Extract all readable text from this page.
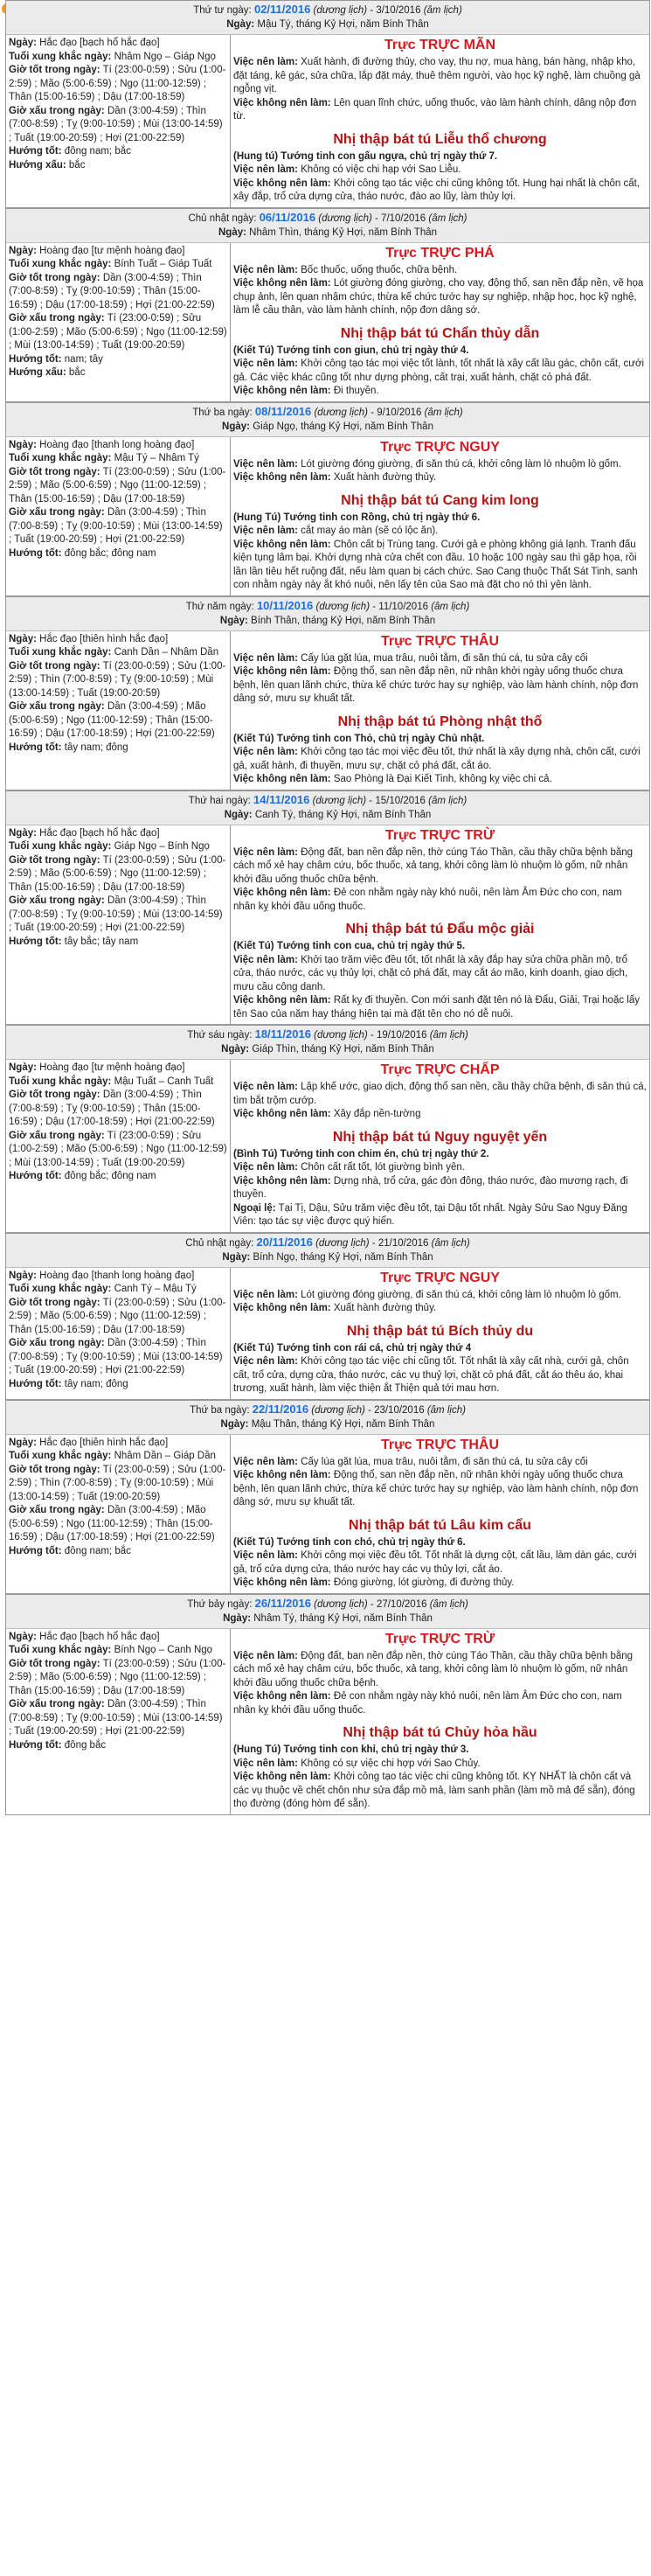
Thứ tư ngày: 02/11/2016 (dương lịch) - 3/10/2016 (âm lịch)
Ngày: Mậu Tý, tháng Kỷ Hợi, năm Bính Thân
Ngày: Hắc đạo [bạch hổ hắc đạo]
Tuổi xung khắc ngày: Nhâm Ngọ – Giáp Ngọ
Giờ tốt trong ngày: Tí (23:00-0:59) ; Sửu (1:00-2:59) ; Mão (5:00-6:59) ; Ngọ (11:00-12:59) ; Thân (15:00-16:59) ; Dậu (17:00-18:59)
Giờ xấu trong ngày: Dần (3:00-4:59) ; Thìn (7:00-8:59) ; Tỵ (9:00-10:59) ; Mùi (13:00-14:59) ; Tuất (19:00-20:59) ; Hợi (21:00-22:59)
Hướng tốt: đông nam; bắc
Hướng xấu: bắc
Trực TRỰC MÃN
Việc nên làm: Xuất hành, đi đường thủy, cho vay, thu nợ, mua hàng, bán hàng, nhập kho, đặt táng, kê gác, sửa chữa, lắp đặt máy, thuê thêm người, vào học kỹ nghệ, làm chuồng gà ngỗng vịt.
Việc không nên làm: Lên quan lĩnh chức, uống thuốc, vào làm hành chính, dâng nộp đơn từ.
Nhị thập bát tú Liễu thổ chương
(Hung tú) Tướng tinh con gấu ngựa, chủ trị ngày thứ 7.
Việc nên làm: Không có việc chi hạp với Sao Liễu.
Việc không nên làm: Khởi công tạo tác việc chi cũng không tốt. Hung hại nhất là chôn cất, xây đắp, trổ cửa dựng cửa, tháo nước, đào ao lũy, làm thủy lợi.
Chủ nhật ngày: 06/11/2016 (dương lịch) - 7/10/2016 (âm lịch)
Ngày: Nhâm Thìn, tháng Kỷ Hợi, năm Bính Thân
Ngày: Hoàng đạo [tư mệnh hoàng đạo]
Tuổi xung khắc ngày: Bính Tuất – Giáp Tuất
Giờ tốt trong ngày: Dần (3:00-4:59) ; Thìn (7:00-8:59) ; Tỵ (9:00-10:59) ; Thân (15:00-16:59) ; Dậu (17:00-18:59) ; Hợi (21:00-22:59)
Giờ xấu trong ngày: Tí (23:00-0:59) ; Sửu (1:00-2:59) ; Mão (5:00-6:59) ; Ngọ (11:00-12:59) ; Mùi (13:00-14:59) ; Tuất (19:00-20:59)
Hướng tốt: nam; tây
Hướng xấu: bắc
Trực TRỰC PHÁ
Việc nên làm: Bốc thuốc, uống thuốc, chữa bệnh.
Việc không nên làm: Lót giường đóng giường, cho vay, động thổ, san nền đắp nền, vẽ họa chụp ảnh, lên quan nhậm chức, thừa kế chức tước hay sự nghiệp, nhập học, học kỹ nghệ, làm lễ cầu thân, vào làm hành chính, nộp đơn dâng sớ.
Nhị thập bát tú Chẩn thủy dẫn
(Kiết Tú) Tướng tinh con giun, chủ trị ngày thứ 4.
Việc nên làm: Khởi công tạo tác mọi việc tốt lành, tốt nhất là xây cất lầu gác, chôn cất, cưới gả. Các việc khác cũng tốt như dựng phòng, cất trại, xuất hành, chặt cỏ phá đất.
Việc không nên làm: Đi thuyền.
Thứ ba ngày: 08/11/2016 (dương lịch) - 9/10/2016 (âm lịch)
Ngày: Giáp Ngọ, tháng Kỷ Hợi, năm Bính Thân
Ngày: Hoàng đạo [thanh long hoàng đạo]
Tuổi xung khắc ngày: Mậu Tý – Nhâm Tý
Giờ tốt trong ngày: Tí (23:00-0:59) ; Sửu (1:00-2:59) ; Mão (5:00-6:59) ; Ngọ (11:00-12:59) ; Thân (15:00-16:59) ; Dậu (17:00-18:59)
Giờ xấu trong ngày: Dần (3:00-4:59) ; Thìn (7:00-8:59) ; Tỵ (9:00-10:59) ; Mùi (13:00-14:59) ; Tuất (19:00-20:59) ; Hợi (21:00-22:59)
Hướng tốt: đông bắc; đông nam
Trực TRỰC NGUY
Việc nên làm: Lót giường đóng giường, đi săn thú cá, khởi công làm lò nhuộm lò gốm.
Việc không nên làm: Xuất hành đường thủy.
Nhị thập bát tú Cang kim long
(Hung Tú) Tướng tinh con Rồng, chủ trị ngày thứ 6.
Việc nên làm: cắt may áo màn (sẽ có lộc ăn).
Việc không nên làm: Chôn cất bị Trùng tang. Cưới gả e phòng không giá lạnh. Tranh đấu kiện tụng lâm bại. Khởi dựng nhà cửa chết con đầu. 10 hoặc 100 ngày sau thì gặp họa, rồi lần lần tiêu hết ruộng đất, nếu làm quan bị cách chức. Sao Cang thuộc Thất Sát Tinh, sanh con nhằm ngày này ắt khó nuôi, nên lấy tên của Sao mà đặt cho nó thì yên lành.
Thứ năm ngày: 10/11/2016 (dương lịch) - 11/10/2016 (âm lịch)
Ngày: Bính Thân, tháng Kỷ Hợi, năm Bính Thân
Ngày: Hắc đạo [thiên hình hắc đạo]
Tuổi xung khắc ngày: Canh Dần – Nhâm Dần
Giờ tốt trong ngày: Tí (23:00-0:59) ; Sửu (1:00-2:59) ; Thìn (7:00-8:59) ; Tỵ (9:00-10:59) ; Mùi (13:00-14:59) ; Tuất (19:00-20:59)
Giờ xấu trong ngày: Dần (3:00-4:59) ; Mão (5:00-6:59) ; Ngọ (11:00-12:59) ; Thân (15:00-16:59) ; Dậu (17:00-18:59) ; Hợi (21:00-22:59)
Hướng tốt: tây nam; đông
Trực TRỰC THÂU
Việc nên làm: Cấy lúa gặt lúa, mua trâu, nuôi tằm, đi săn thú cá, tu sửa cây cối
Việc không nên làm: Động thổ, san nền đắp nền, nữ nhân khởi ngày uống thuốc chưa bệnh, lên quan lãnh chức, thừa kế chức tước hay sự nghiệp, vào làm hành chính, nộp đơn dâng sớ, mưu sự khuất tất.
Nhị thập bát tú Phòng nhật thố
(Kiết Tú) Tướng tinh con Thỏ, chủ trị ngày Chủ nhật.
Việc nên làm: Khởi công tạo tác mọi việc đều tốt, thứ nhất là xây dựng nhà, chôn cất, cưới gả, xuất hành, đi thuyền, mưu sự, chặt cỏ phá đất, cắt áo.
Việc không nên làm: Sao Phòng là Đại Kiết Tinh, không kỵ việc chi cả.
Thứ hai ngày: 14/11/2016 (dương lịch) - 15/10/2016 (âm lịch)
Ngày: Canh Tý, tháng Kỷ Hợi, năm Bính Thân
Ngày: Hắc đạo [bạch hổ hắc đạo]
Tuổi xung khắc ngày: Giáp Ngọ – Bính Ngọ
Giờ tốt trong ngày: Tí (23:00-0:59) ; Sửu (1:00-2:59) ; Mão (5:00-6:59) ; Ngọ (11:00-12:59) ; Thân (15:00-16:59) ; Dậu (17:00-18:59)
Giờ xấu trong ngày: Dần (3:00-4:59) ; Thìn (7:00-8:59) ; Tỵ (9:00-10:59) ; Mùi (13:00-14:59) ; Tuất (19:00-20:59) ; Hợi (21:00-22:59)
Hướng tốt: tây bắc; tây nam
Trực TRỰC TRỪ
Việc nên làm: Động đất, ban nền đắp nền, thờ cúng Táo Thần, cầu thầy chữa bệnh bằng cách mổ xẻ hay châm cứu, bốc thuốc, xả tang, khởi công làm lò nhuộm lò gốm, nữ nhân khởi đầu uống thuốc chữa bệnh.
Việc không nên làm: Đẻ con nhằm ngày này khó nuôi, nên làm Âm Đức cho con, nam nhân kỵ khởi đầu uống thuốc.
Nhị thập bát tú Đẩu mộc giải
(Kiết Tú) Tướng tinh con cua, chủ trị ngày thứ 5.
Việc nên làm: Khởi tạo trăm việc đều tốt, tốt nhất là xây đắp hay sửa chữa phần mộ, trổ cửa, tháo nước, các vụ thủy lợi, chặt cỏ phá đất, may cắt áo mão, kinh doanh, giao dịch, mưu cầu công danh.
Việc không nên làm: Rất kỵ đi thuyền. Con mới sanh đặt tên nó là Đẩu, Giải, Trại hoặc lấy tên Sao của năm hay tháng hiện tại mà đặt tên cho nó dễ nuôi.
Thứ sáu ngày: 18/11/2016 (dương lịch) - 19/10/2016 (âm lịch)
Ngày: Giáp Thìn, tháng Kỷ Hợi, năm Bính Thân
Ngày: Hoàng đạo [tư mệnh hoàng đạo]
Tuổi xung khắc ngày: Mậu Tuất – Canh Tuất
Giờ tốt trong ngày: Dần (3:00-4:59) ; Thìn (7:00-8:59) ; Tỵ (9:00-10:59) ; Thân (15:00-16:59) ; Dậu (17:00-18:59) ; Hợi (21:00-22:59)
Giờ xấu trong ngày: Tí (23:00-0:59) ; Sửu (1:00-2:59) ; Mão (5:00-6:59) ; Ngọ (11:00-12:59) ; Mùi (13:00-14:59) ; Tuất (19:00-20:59)
Hướng tốt: đông bắc; đông nam
Trực TRỰC CHẤP
Việc nên làm: Lập khế ước, giao dịch, động thổ san nền, cầu thầy chữa bệnh, đi săn thú cá, tìm bắt trộm cướp.
Việc không nên làm: Xây đắp nền-tường
Nhị thập bát tú Nguy nguyệt yến
(Bình Tú) Tướng tinh con chim én, chủ trị ngày thứ 2.
Việc nên làm: Chôn cất rất tốt, lót giường bình yên.
Việc không nên làm: Dựng nhà, trổ cửa, gác đòn đông, tháo nước, đào mương rạch, đi thuyền.
Ngoại lệ: Tại Tị, Dậu, Sửu trăm việc đều tốt, tại Dậu tốt nhất. Ngày Sửu Sao Nguy Đăng Viên: tạo tác sự việc được quý hiển.
Chủ nhật ngày: 20/11/2016 (dương lịch) - 21/10/2016 (âm lịch)
Ngày: Bính Ngọ, tháng Kỷ Hợi, năm Bính Thân
Ngày: Hoàng đạo [thanh long hoàng đạo]
Tuổi xung khắc ngày: Canh Tý – Mậu Tý
Giờ tốt trong ngày: Tí (23:00-0:59) ; Sửu (1:00-2:59) ; Mão (5:00-6:59) ; Ngọ (11:00-12:59) ; Thân (15:00-16:59) ; Dậu (17:00-18:59)
Giờ xấu trong ngày: Dần (3:00-4:59) ; Thìn (7:00-8:59) ; Tỵ (9:00-10:59) ; Mùi (13:00-14:59) ; Tuất (19:00-20:59) ; Hợi (21:00-22:59)
Hướng tốt: tây nam; đông
Trực TRỰC NGUY
Việc nên làm: Lót giường đóng giường, đi săn thú cá, khởi công làm lò nhuộm lò gốm.
Việc không nên làm: Xuất hành đường thủy.
Nhị thập bát tú Bích thủy du
(Kiết Tú) Tướng tinh con rái cá, chủ trị ngày thứ 4
Việc nên làm: Khởi công tạo tác việc chi cũng tốt. Tốt nhất là xây cất nhà, cưới gả, chôn cất, trổ cửa, dựng cửa, tháo nước, các vụ thuỷ lợi, chặt cỏ phá đất, cắt áo thêu áo, khai trương, xuất hành, làm việc thiện ắt Thiện quả tới mau hơn.
Thứ ba ngày: 22/11/2016 (dương lịch) - 23/10/2016 (âm lịch)
Ngày: Mậu Thân, tháng Kỷ Hợi, năm Bính Thân
Ngày: Hắc đạo [thiên hình hắc đạo]
Tuổi xung khắc ngày: Nhâm Dần – Giáp Dần
Giờ tốt trong ngày: Tí (23:00-0:59) ; Sửu (1:00-2:59) ; Thìn (7:00-8:59) ; Tỵ (9:00-10:59) ; Mùi (13:00-14:59) ; Tuất (19:00-20:59)
Giờ xấu trong ngày: Dần (3:00-4:59) ; Mão (5:00-6:59) ; Ngọ (11:00-12:59) ; Thân (15:00-16:59) ; Dậu (17:00-18:59) ; Hợi (21:00-22:59)
Hướng tốt: đông nam; bắc
Trực TRỰC THÂU
Việc nên làm: Cấy lúa gặt lúa, mua trâu, nuôi tằm, đi săn thú cá, tu sửa cây cối
Việc không nên làm: Động thổ, san nền đắp nền, nữ nhân khởi ngày uống thuốc chưa bệnh, lên quan lãnh chức, thừa kế chức tước hay sự nghiệp, vào làm hành chính, nộp đơn dâng sớ, mưu sự khuất tất.
Nhị thập bát tú Lâu kim cẩu
(Kiết Tú) Tướng tinh con chó, chủ trị ngày thứ 6.
Việc nên làm: Khởi công mọi việc đều tốt. Tốt nhất là dựng cột, cất lầu, làm dàn gác, cưới gả, trổ cửa dựng cửa, tháo nước hay các vụ thủy lợi, cắt áo.
Việc không nên làm: Đóng giường, lót giường, đi đường thủy.
Thứ bảy ngày: 26/11/2016 (dương lịch) - 27/10/2016 (âm lịch)
Ngày: Nhâm Tý, tháng Kỷ Hợi, năm Bính Thân
Ngày: Hắc đạo [bạch hổ hắc đạo]
Tuổi xung khắc ngày: Bính Ngọ – Canh Ngọ
Giờ tốt trong ngày: Tí (23:00-0:59) ; Sửu (1:00-2:59) ; Mão (5:00-6:59) ; Ngọ (11:00-12:59) ; Thân (15:00-16:59) ; Dậu (17:00-18:59)
Giờ xấu trong ngày: Dần (3:00-4:59) ; Thìn (7:00-8:59) ; Tỵ (9:00-10:59) ; Mùi (13:00-14:59) ; Tuất (19:00-20:59) ; Hợi (21:00-22:59)
Hướng tốt: đông bắc
Trực TRỰC TRỪ
Việc nên làm: Động đất, ban nền đắp nền, thờ cúng Táo Thần, cầu thầy chữa bệnh bằng cách mổ xẻ hay châm cứu, bốc thuốc, xả tang, khởi công làm lò nhuộm lò gốm, nữ nhân khởi đầu uống thuốc chữa bệnh.
Việc không nên làm: Đẻ con nhằm ngày này khó nuôi, nên làm Âm Đức cho con, nam nhân kỵ khởi đầu uống thuốc.
Nhị thập bát tú Chủy hỏa hầu
(Hung Tú) Tướng tinh con khỉ, chủ trị ngày thứ 3.
Việc nên làm: Không có sự việc chi hợp với Sao Chủy.
Việc không nên làm: Khởi công tạo tác việc chi cũng không tốt. KỴ NHẤT là chôn cất và các vụ thuộc về chết chôn như sửa đắp mồ mả, làm sanh phần (làm mồ mả để sẵn), đóng thọ đường (đóng hòm để sẵn).
